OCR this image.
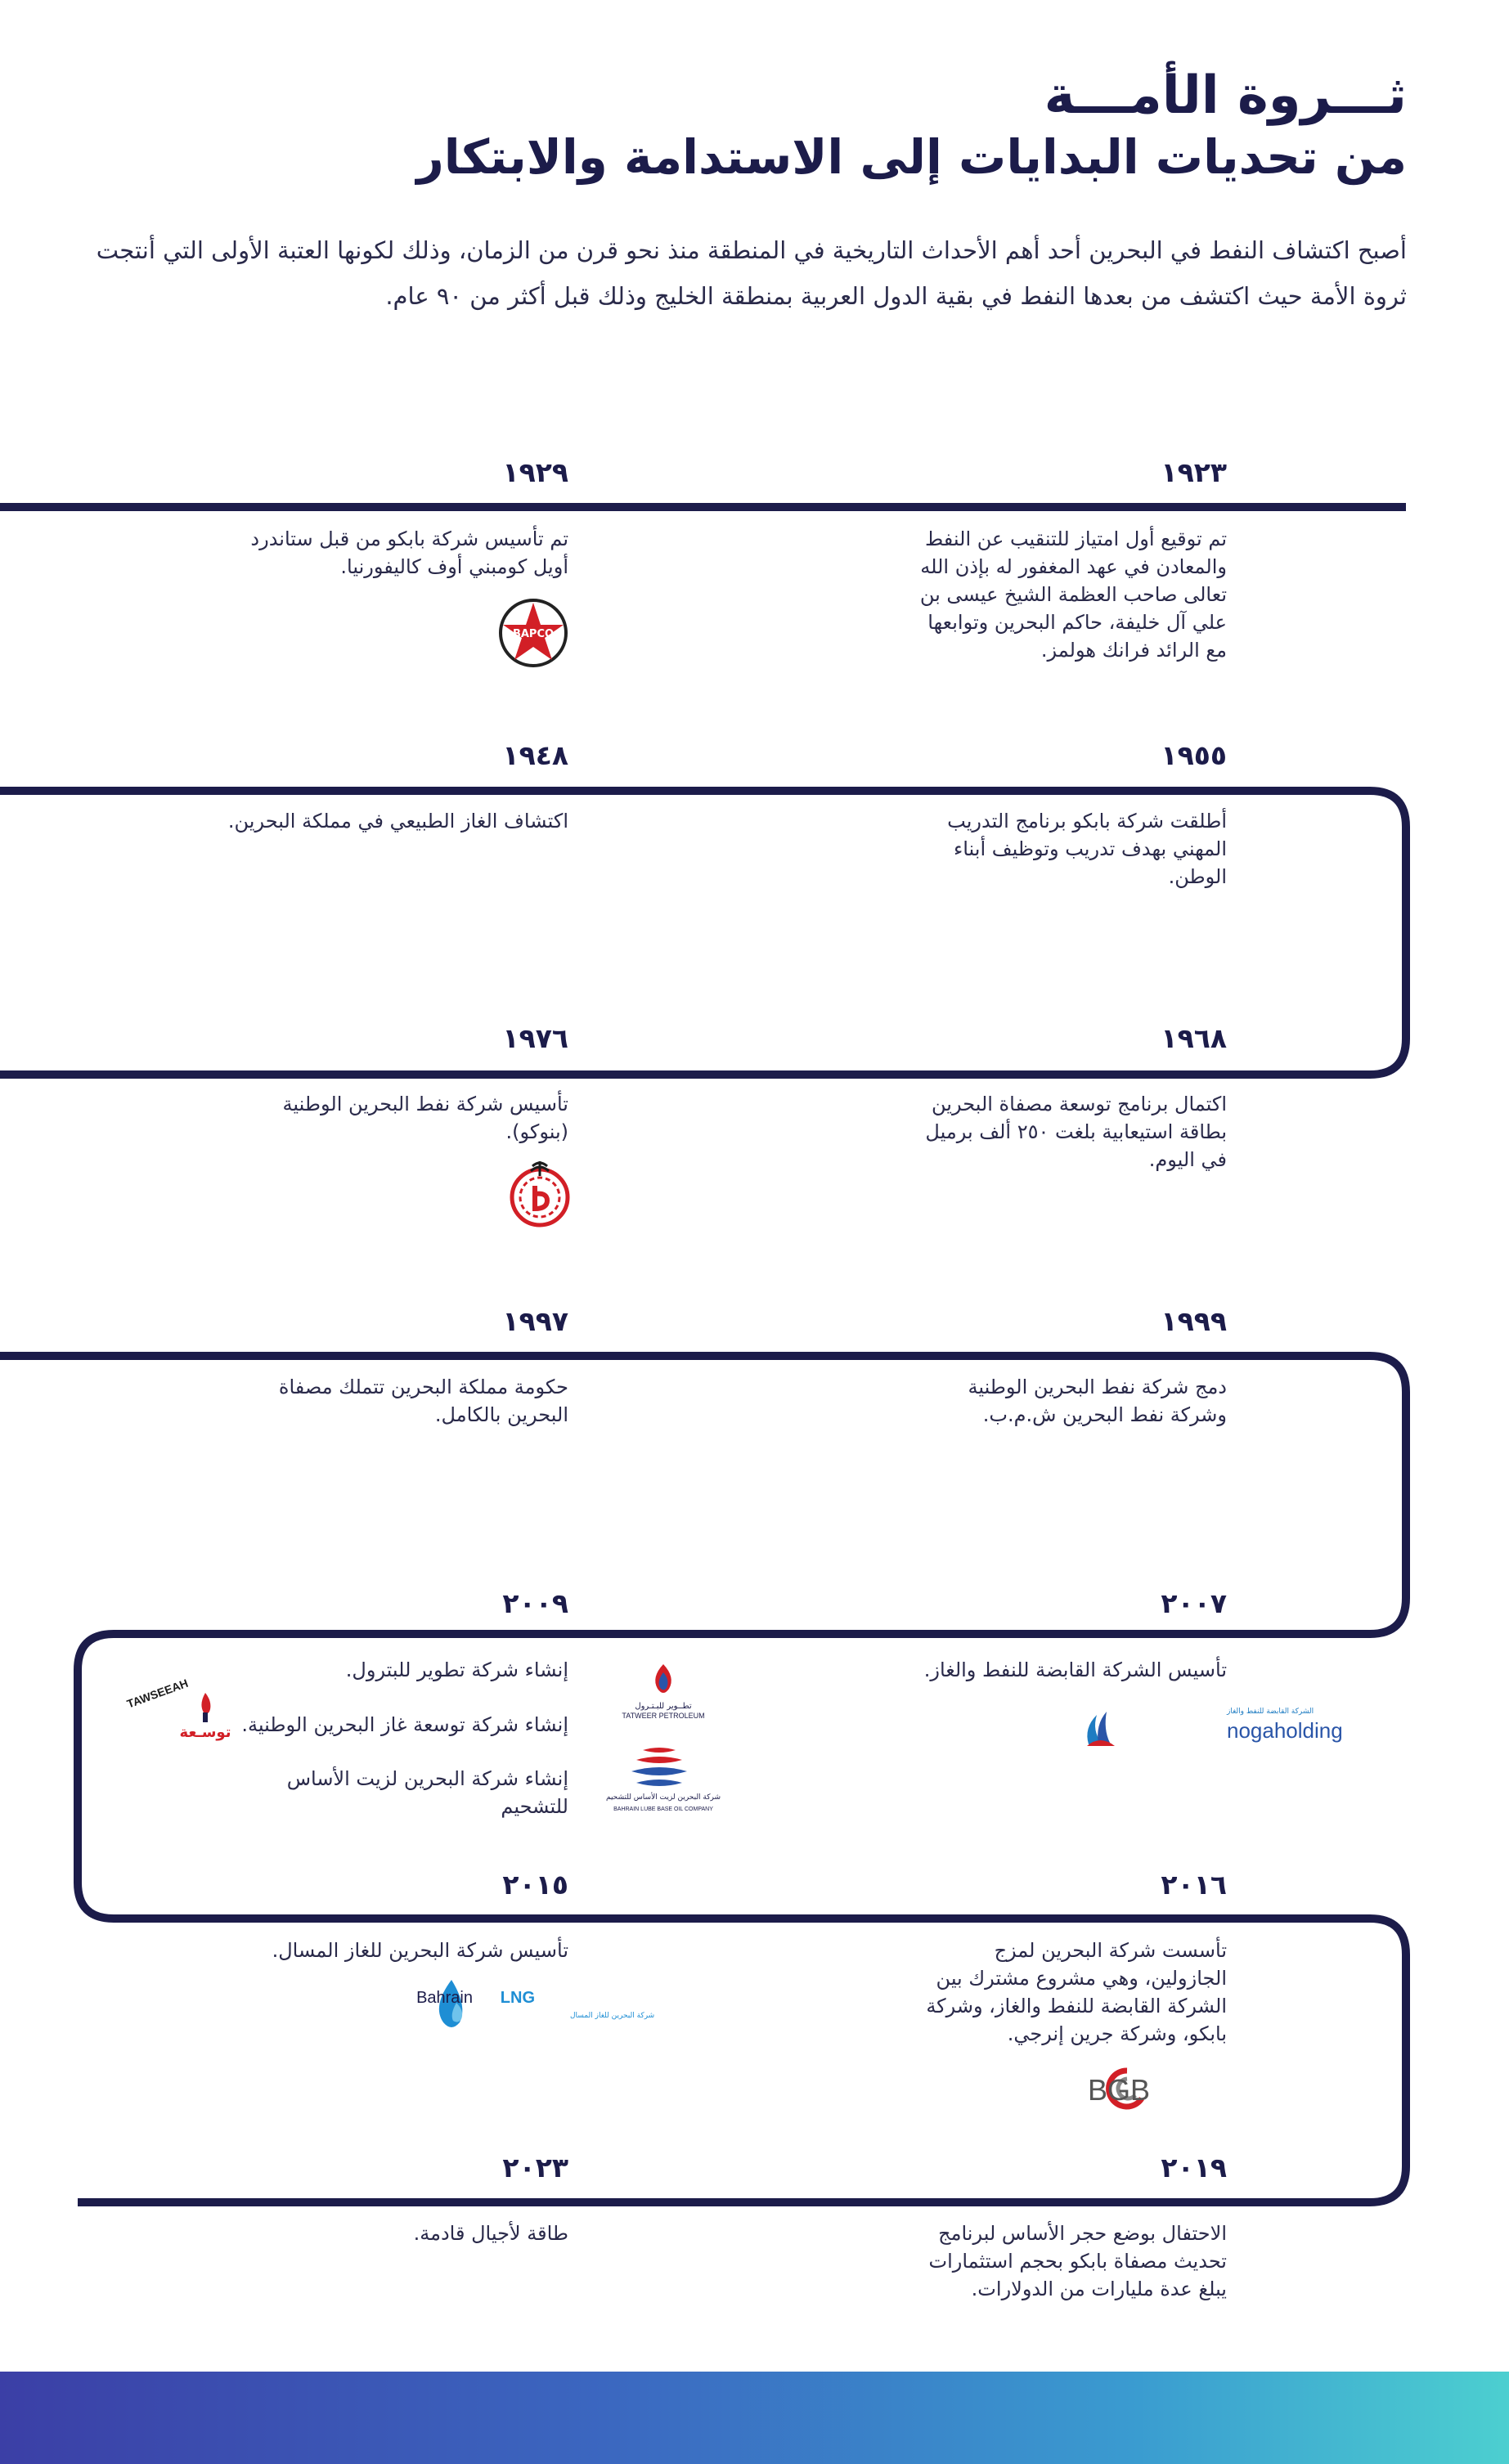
ثـــروة الأمـــة
من تحديات البدايات إلى الاستدامة والابتكار

أصبح اكتشاف النفط في البحرين أحد أهم الأحداث التاريخية في المنطقة منذ نحو قرن من الزمان، وذلك لكونها العتبة الأولى التي أنتجت ثروة الأمة حيث اكتشف من بعدها النفط في بقية الدول العربية بمنطقة الخليج وذلك قبل أكثر من ٩٠ عام.

١٩٢٣
١٩٢٩
تم توقيع أول امتياز للتنقيب عن النفط والمعادن في عهد المغفور له بإذن الله تعالى صاحب العظمة الشيخ عيسى بن علي آل خليفة، حاكم البحرين وتوابعها مع الرائد فرانك هولمز.
تم تأسيس شركة بابكو من قبل ستاندرد أويل كومبني أوف كاليفورنيا.
BAPCO
١٩٥٥
١٩٤٨
أطلقت شركة بابكو برنامج التدريب المهني بهدف تدريب وتوظيف أبناء الوطن.
اكتشاف الغاز الطبيعي في مملكة البحرين.
١٩٦٨
١٩٧٦
اكتمال برنامج توسعة مصفاة البحرين بطاقة استيعابية بلغت ٢٥٠ ألف برميل في اليوم.
تأسيس شركة نفط البحرين الوطنية (بنوكو).
١٩٩٩
١٩٩٧
دمج شركة نفط البحرين الوطنية وشركة نفط البحرين ش.م.ب.
حكومة مملكة البحرين تتملك مصفاة البحرين بالكامل.
٢٠٠٧
٢٠٠٩
تأسيس الشركة القابضة للنفط والغاز.
الشركة القابضة للنفط والغاز
nogaholding
إنشاء شركة تطوير للبترول.
إنشاء شركة توسعة غاز البحرين الوطنية.
إنشاء شركة البحرين لزيت الأساس للتشحيم
تطــوير للبـتـرول
TATWEER PETROLEUM
TAWSEEAH
توسـعة
شركة البحرين لزيت الأساس للتشحيم
BAHRAIN LUBE BASE OIL COMPANY
٢٠١٦
٢٠١٥
تأسست شركة البحرين لمزج الجازولين، وهي مشروع مشترك بين الشركة القابضة للنفط والغاز، وشركة بابكو، وشركة جرين إنرجي.
تأسيس شركة البحرين للغاز المسال.
Bahrain LNG
شركة البحرين للغاز المسال
BGB
٢٠١٩
٢٠٢٣
الاحتفال بوضع حجر الأساس لبرنامج تحديث مصفاة بابكو بحجم استثمارات يبلغ عدة مليارات من الدولارات.
طاقة لأجيال قادمة.
